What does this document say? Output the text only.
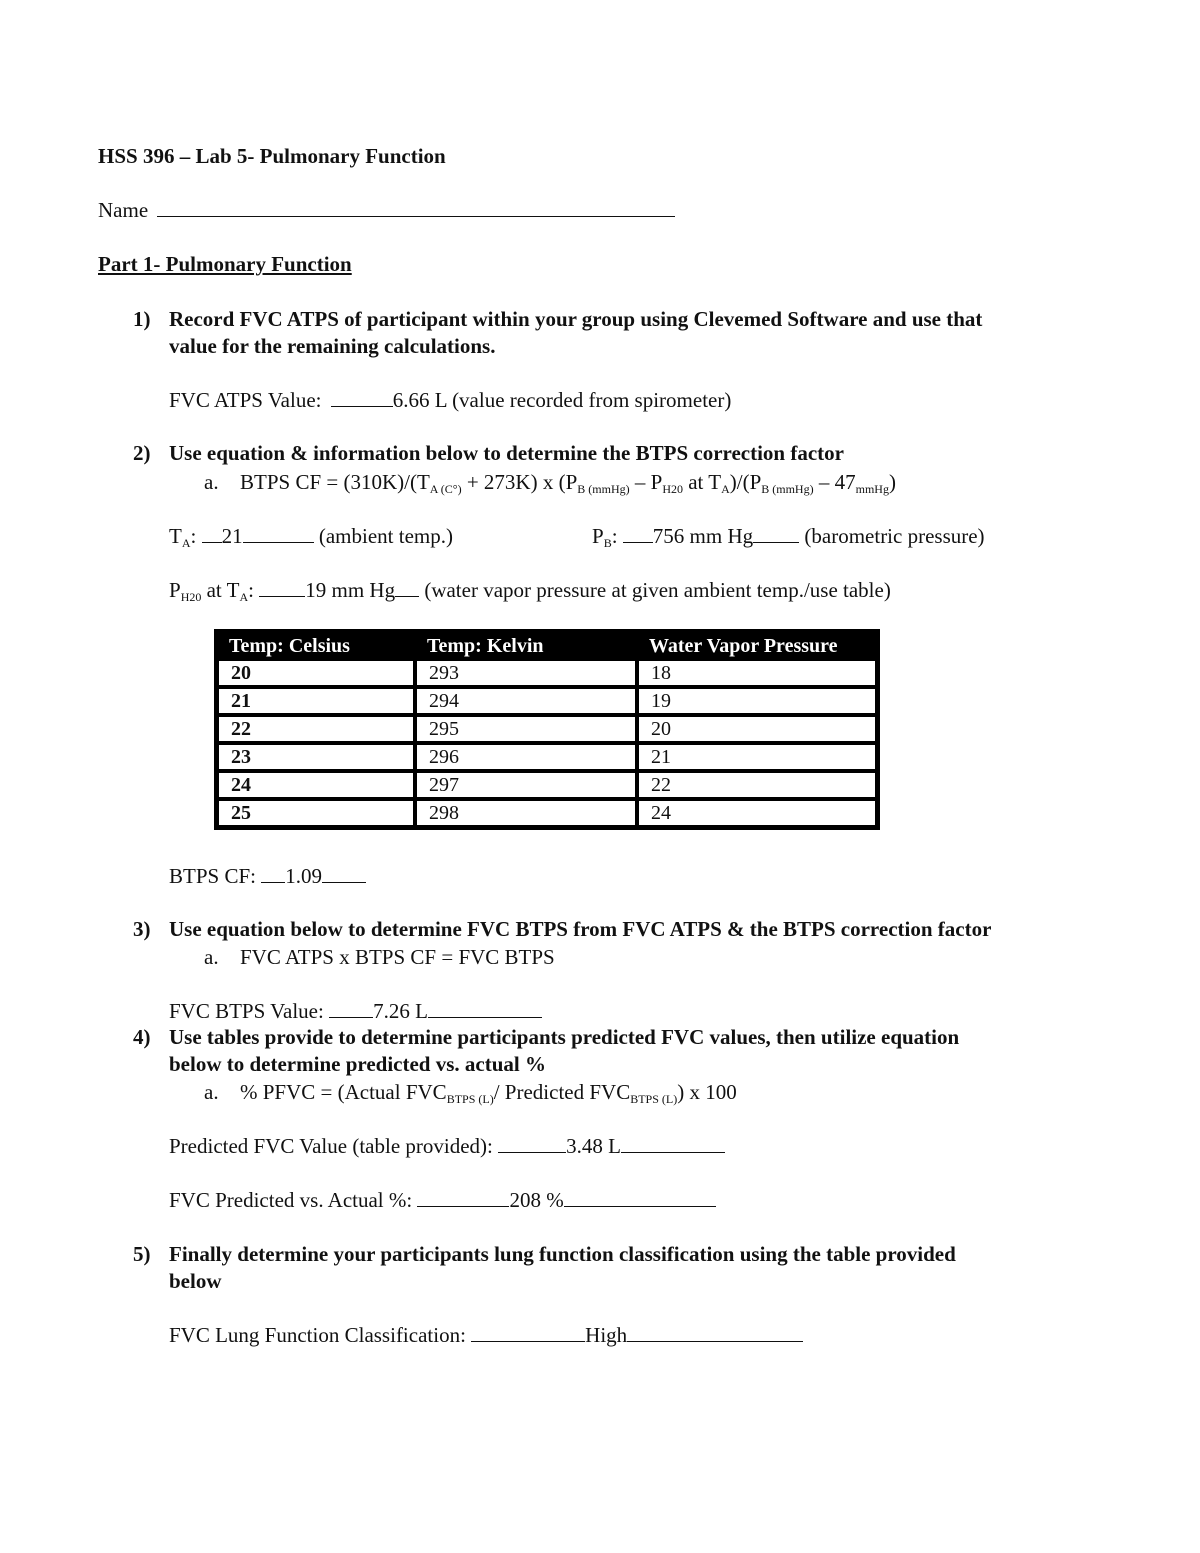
HSS 396 – Lab 5- Pulmonary Function
Name
Part 1- Pulmonary Function
1) Record FVC ATPS of participant within your group using Clevemed Software and use that
value for the remaining calculations.
FVC ATPS Value:	6.66 L (value recorded from spirometer)
2) Use equation & information below to determine the BTPS correction factor
a. BTPS CF = $(310K)/(T_{A (C^\circ)} + 273K)$ x ($P_{B (mmHg)} - P_{H20}$ at $T_A)/(P_{B (mmHg)} - 47_{mmHg})$
$T_A$: 21	(ambient temp.)	$P_B$: 756 mm Hg (barometric pressure)
$P_{H20}$ at $T_A$: 19 mm Hg (water vapor pressure at given ambient temp./use table)
Temp: Celsius	Temp: Kelvin	Water Vapor Pressure
20	293	18
21	294	19
22	295	20
23	296	21
24	297	22
25	298	24
BTPS CF: 1.09
3) Use equation below to determine FVC BTPS from FVC ATPS & the BTPS correction factor
a. FVC ATPS x BTPS CF = FVC BTPS
FVC BTPS Value: 7.26 L
4) Use tables provide to determine participants predicted FVC values, then utilize equation
below to determine predicted vs. actual %
a. % PFVC = (Actual $FVC_{BTPS (L)}/$ Predicted $FVC_{BTPS (L)}$) x 100
Predicted FVC Value (table provided):	3.48 L
FVC Predicted vs. Actual %:	208 %
5) Finally determine your participants lung function classification using the table provided
below
FVC Lung Function Classification:	High
